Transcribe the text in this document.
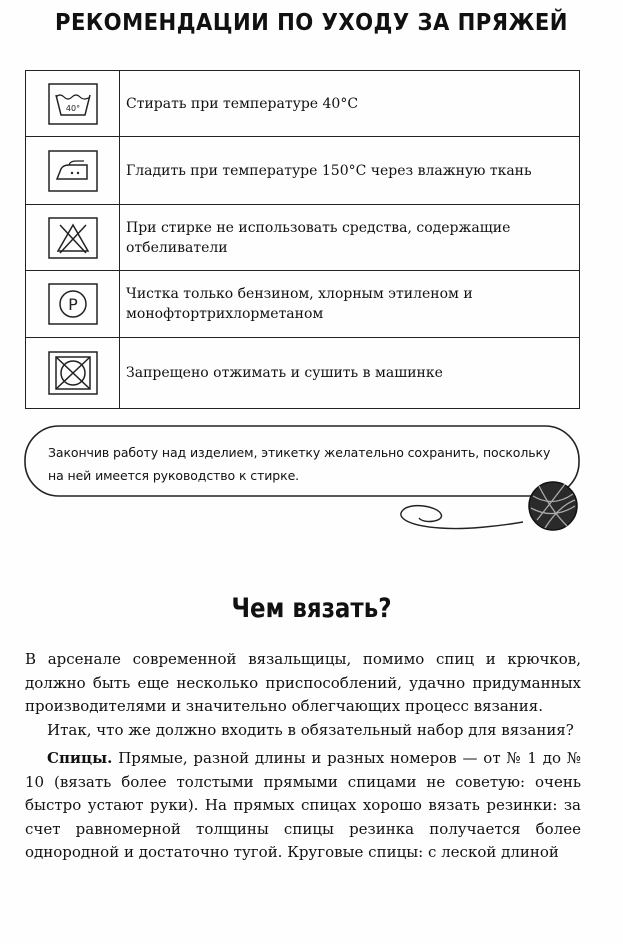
РЕКОМЕНДАЦИИ ПО УХОДУ ЗА ПРЯЖЕЙ
40°	Стирать при температуре 40°С

	Гладить при температуре 150°С через влажную ткань

	При стирке не использовать средства, содержащие отбеливатели

P	Чистка только бензином, хлорным этиленом и монофтортрихлорметаном

	Запрещено отжимать и сушить в машинке
Закончив работу над изделием, этикетку желательно сохранить, поскольку на ней имеется руководство к стирке.
Чем вязать?

В арсенале современной вязальщицы, помимо спиц и крючков, должно быть еще несколько приспособлений, удачно придуманных производителями и значительно облегчающих процесс вязания.

Итак, что же должно входить в обязательный набор для вязания?

Спицы. Прямые, разной длины и разных номеров — от № 1 до № 10 (вязать более толстыми прямыми спицами не советую: очень быстро устают руки). На прямых спицах хорошо вязать резинки: за счет равномерной толщины спицы резинка получается более однородной и достаточно тугой. Круговые спицы: с леской длиной
